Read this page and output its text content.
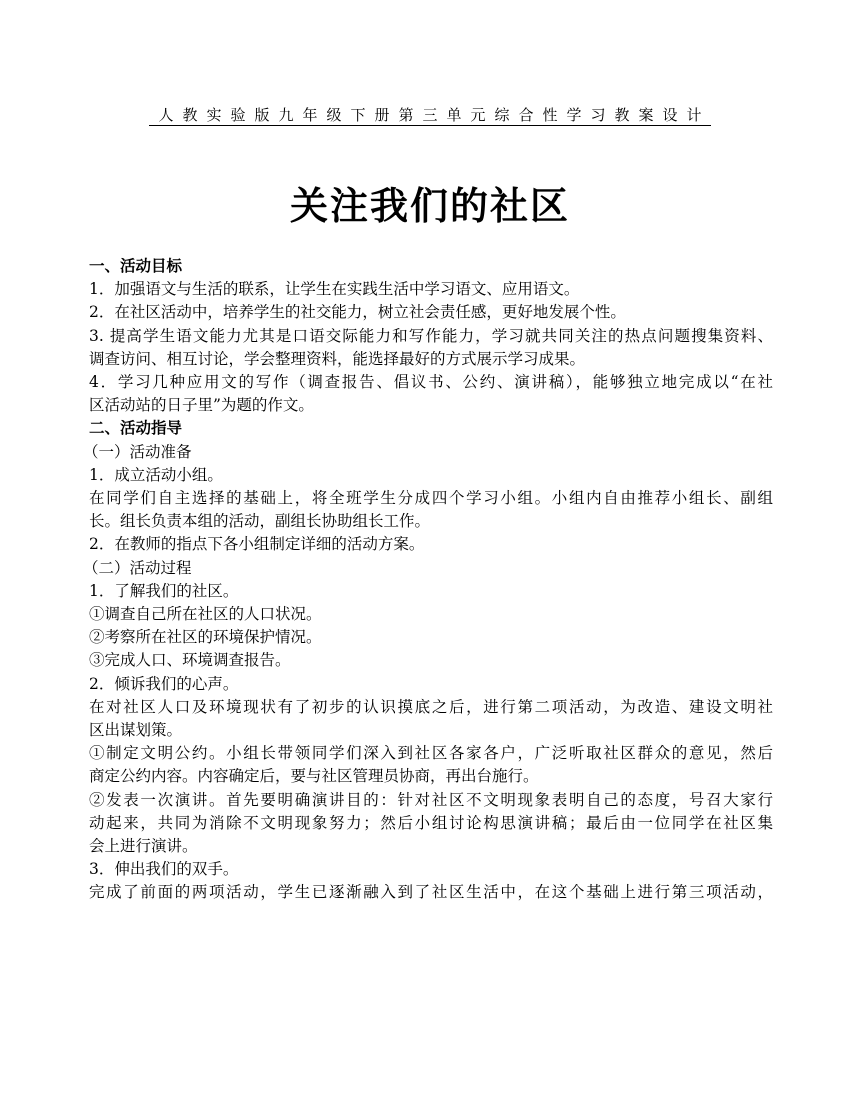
人教实验版九年级下册第三单元综合性学习教案设计
关注我们的社区
一、活动目标
1．加强语文与生活的联系，让学生在实践生活中学习语文、应用语文。
2．在社区活动中，培养学生的社交能力，树立社会责任感，更好地发展个性。
3. 提高学生语文能力尤其是口语交际能力和写作能力，学习就共同关注的热点问题搜集资料、
调查访问、相互讨论，学会整理资料，能选择最好的方式展示学习成果。
4．学习几种应用文的写作（调查报告、倡议书、公约、演讲稿），能够独立地完成以“在社
区活动站的日子里”为题的作文。
二、活动指导
（一）活动准备
1．成立活动小组。
在同学们自主选择的基础上，将全班学生分成四个学习小组。小组内自由推荐小组长、副组
长。组长负责本组的活动，副组长协助组长工作。
2．在教师的指点下各小组制定详细的活动方案。
（二）活动过程
1．了解我们的社区。
①调查自己所在社区的人口状况。
②考察所在社区的环境保护情况。
③完成人口、环境调查报告。
2．倾诉我们的心声。
在对社区人口及环境现状有了初步的认识摸底之后，进行第二项活动，为改造、建设文明社
区出谋划策。
①制定文明公约。小组长带领同学们深入到社区各家各户，广泛听取社区群众的意见，然后
商定公约内容。内容确定后，要与社区管理员协商，再出台施行。
②发表一次演讲。首先要明确演讲目的：针对社区不文明现象表明自己的态度，号召大家行
动起来，共同为消除不文明现象努力；然后小组讨论构思演讲稿；最后由一位同学在社区集
会上进行演讲。
3．伸出我们的双手。
完成了前面的两项活动，学生已逐渐融入到了社区生活中，在这个基础上进行第三项活动，
